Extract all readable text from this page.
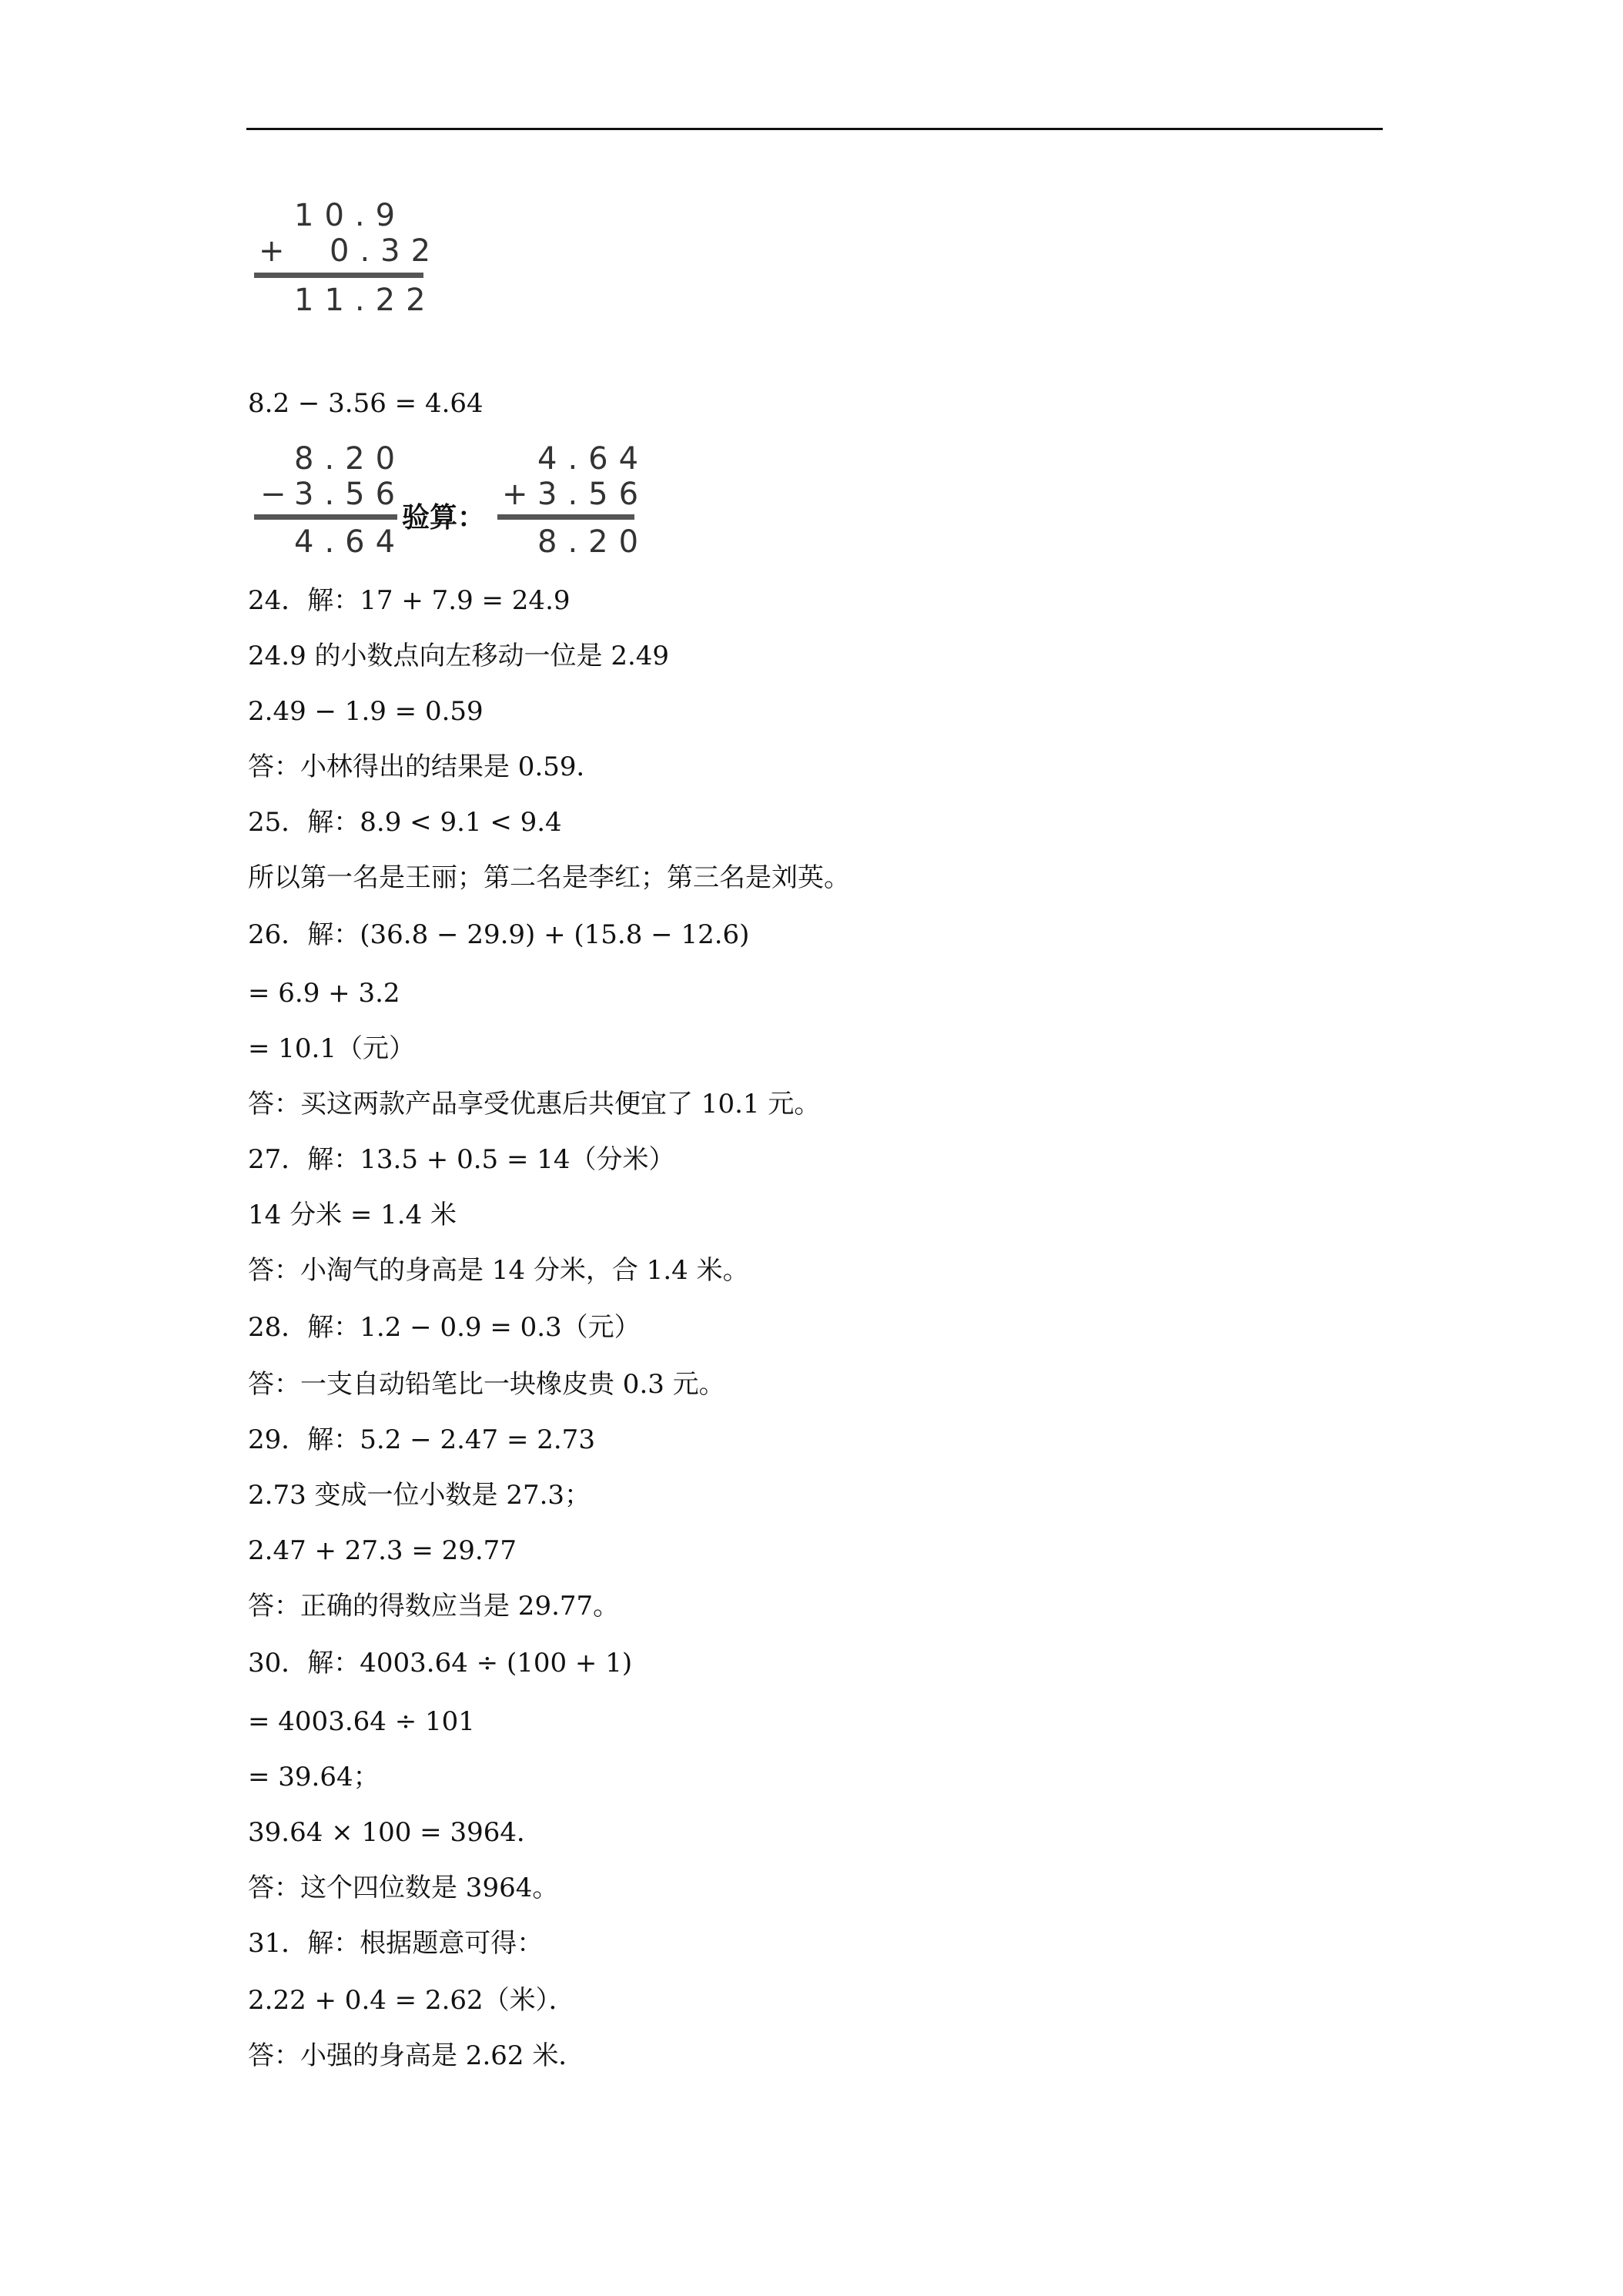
10.9
+ 0.32
11.22
8.2 − 3.56 = 4.64
8.20
−
3.56
4.64
验算：
4.64
+
3.56
8.20
24．解：17 + 7.9 = 24.9
24.9 的小数点向左移动一位是 2.49
2.49 − 1.9 = 0.59
答：小林得出的结果是 0.59．
25．解：8.9 < 9.1 < 9.4
所以第一名是王丽；第二名是李红；第三名是刘英。
26．解：(36.8 − 29.9) + (15.8 − 12.6)
= 6.9 + 3.2
= 10.1（元）
答：买这两款产品享受优惠后共便宜了 10.1 元。
27．解：13.5 + 0.5 = 14（分米）
14 分米 = 1.4 米
答：小淘气的身高是 14 分米，合 1.4 米。
28．解：1.2 − 0.9 = 0.3（元）
答：一支自动铅笔比一块橡皮贵 0.3 元。
29．解：5.2 − 2.47 = 2.73
2.73 变成一位小数是 27.3；
2.47 + 27.3 = 29.77
答：正确的得数应当是 29.77。
30．解：4003.64 ÷ (100 + 1)
= 4003.64 ÷ 101
= 39.64；
39.64 × 100 = 3964．
答：这个四位数是 3964。
31．解：根据题意可得：
2.22 + 0.4 = 2.62（米）．
答：小强的身高是 2.62 米．
